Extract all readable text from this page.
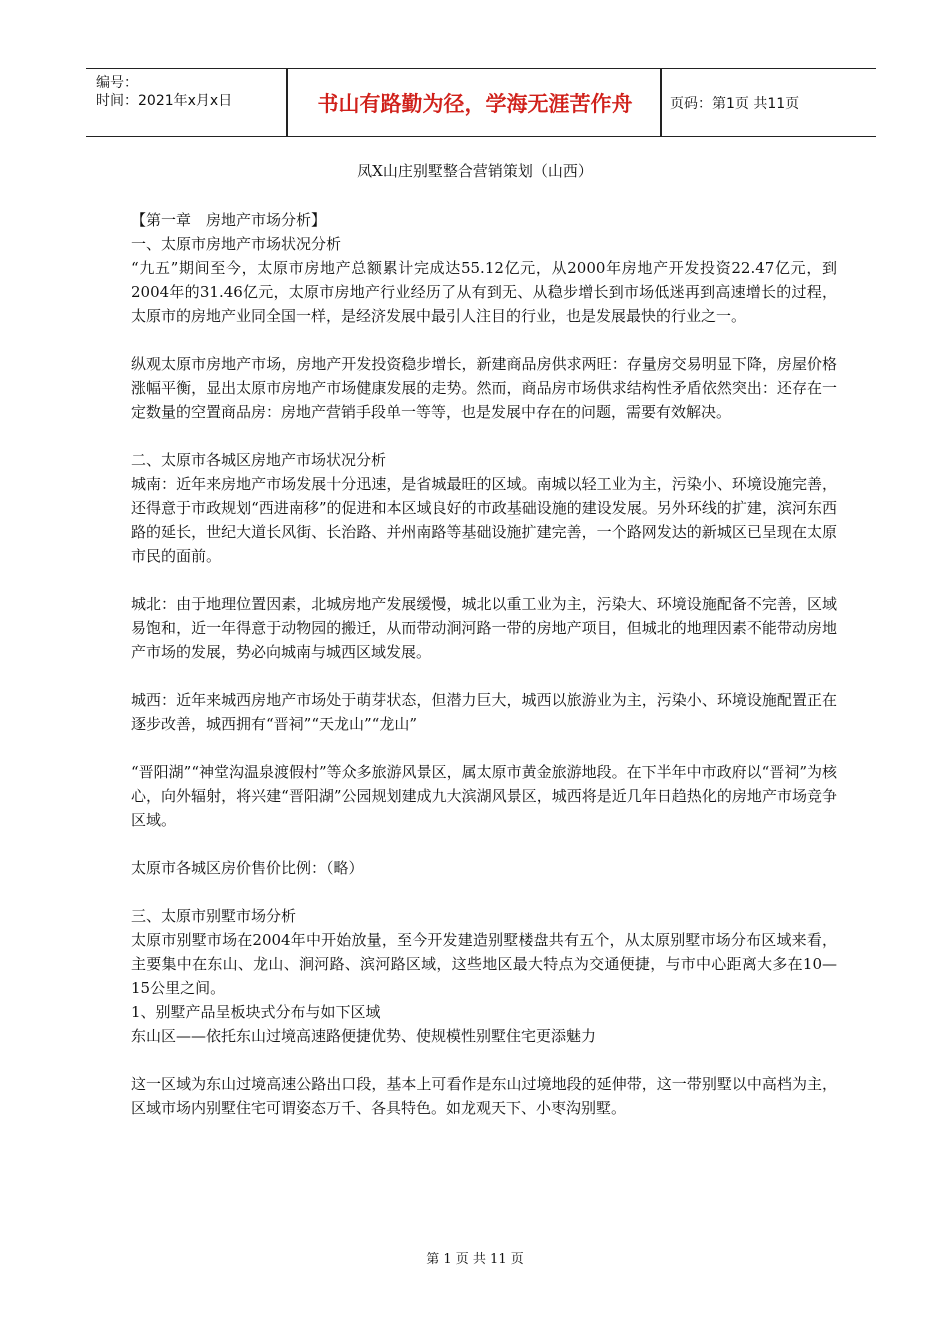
编号：
时间：2021年x月x日	书山有路勤为径，学海无涯苦作舟	页码：第1页 共11页
凤X山庄别墅整合营销策划（山西）

【第一章　房地产市场分析】

一、太原市房地产市场状况分析

“九五”期间至今，太原市房地产总额累计完成达55.12亿元，从2000年房地产开发投资22.47亿元，到2004年的31.46亿元，太原市房地产行业经历了从有到无、从稳步增长到市场低迷再到高速增长的过程，太原市的房地产业同全国一样，是经济发展中最引人注目的行业，也是发展最快的行业之一。

纵观太原市房地产市场，房地产开发投资稳步增长，新建商品房供求两旺：存量房交易明显下降，房屋价格涨幅平衡，显出太原市房地产市场健康发展的走势。然而，商品房市场供求结构性矛盾依然突出：还存在一定数量的空置商品房：房地产营销手段单一等等，也是发展中存在的问题，需要有效解决。

二、太原市各城区房地产市场状况分析

城南：近年来房地产市场发展十分迅速，是省城最旺的区域。南城以轻工业为主，污染小、环境设施完善，还得意于市政规划“西进南移”的促进和本区域良好的市政基础设施的建设发展。另外环线的扩建，滨河东西路的延长，世纪大道长风街、长治路、并州南路等基础设施扩建完善，一个路网发达的新城区已呈现在太原市民的面前。

城北：由于地理位置因素，北城房地产发展缓慢，城北以重工业为主，污染大、环境设施配备不完善，区域易饱和，近一年得意于动物园的搬迁，从而带动涧河路一带的房地产项目，但城北的地理因素不能带动房地产市场的发展，势必向城南与城西区域发展。

城西：近年来城西房地产市场处于萌芽状态，但潜力巨大，城西以旅游业为主，污染小、环境设施配置正在逐步改善，城西拥有“晋祠”“天龙山”“龙山”

“晋阳湖”“神堂沟温泉渡假村”等众多旅游风景区，属太原市黄金旅游地段。在下半年中市政府以“晋祠”为核心，向外辐射，将兴建“晋阳湖”公园规划建成九大滨湖风景区，城西将是近几年日趋热化的房地产市场竞争区域。

太原市各城区房价售价比例：（略）

三、太原市别墅市场分析

太原市别墅市场在2004年中开始放量，至今开发建造别墅楼盘共有五个，从太原别墅市场分布区域来看，主要集中在东山、龙山、涧河路、滨河路区域，这些地区最大特点为交通便捷，与市中心距离大多在10—15公里之间。

1、别墅产品呈板块式分布与如下区域

东山区——依托东山过境高速路便捷优势、使规模性别墅住宅更添魅力

这一区域为东山过境高速公路出口段，基本上可看作是东山过境地段的延伸带，这一带别墅以中高档为主，区域市场内别墅住宅可谓姿态万千、各具特色。如龙观天下、小枣沟别墅。

第 1 页 共 11 页
